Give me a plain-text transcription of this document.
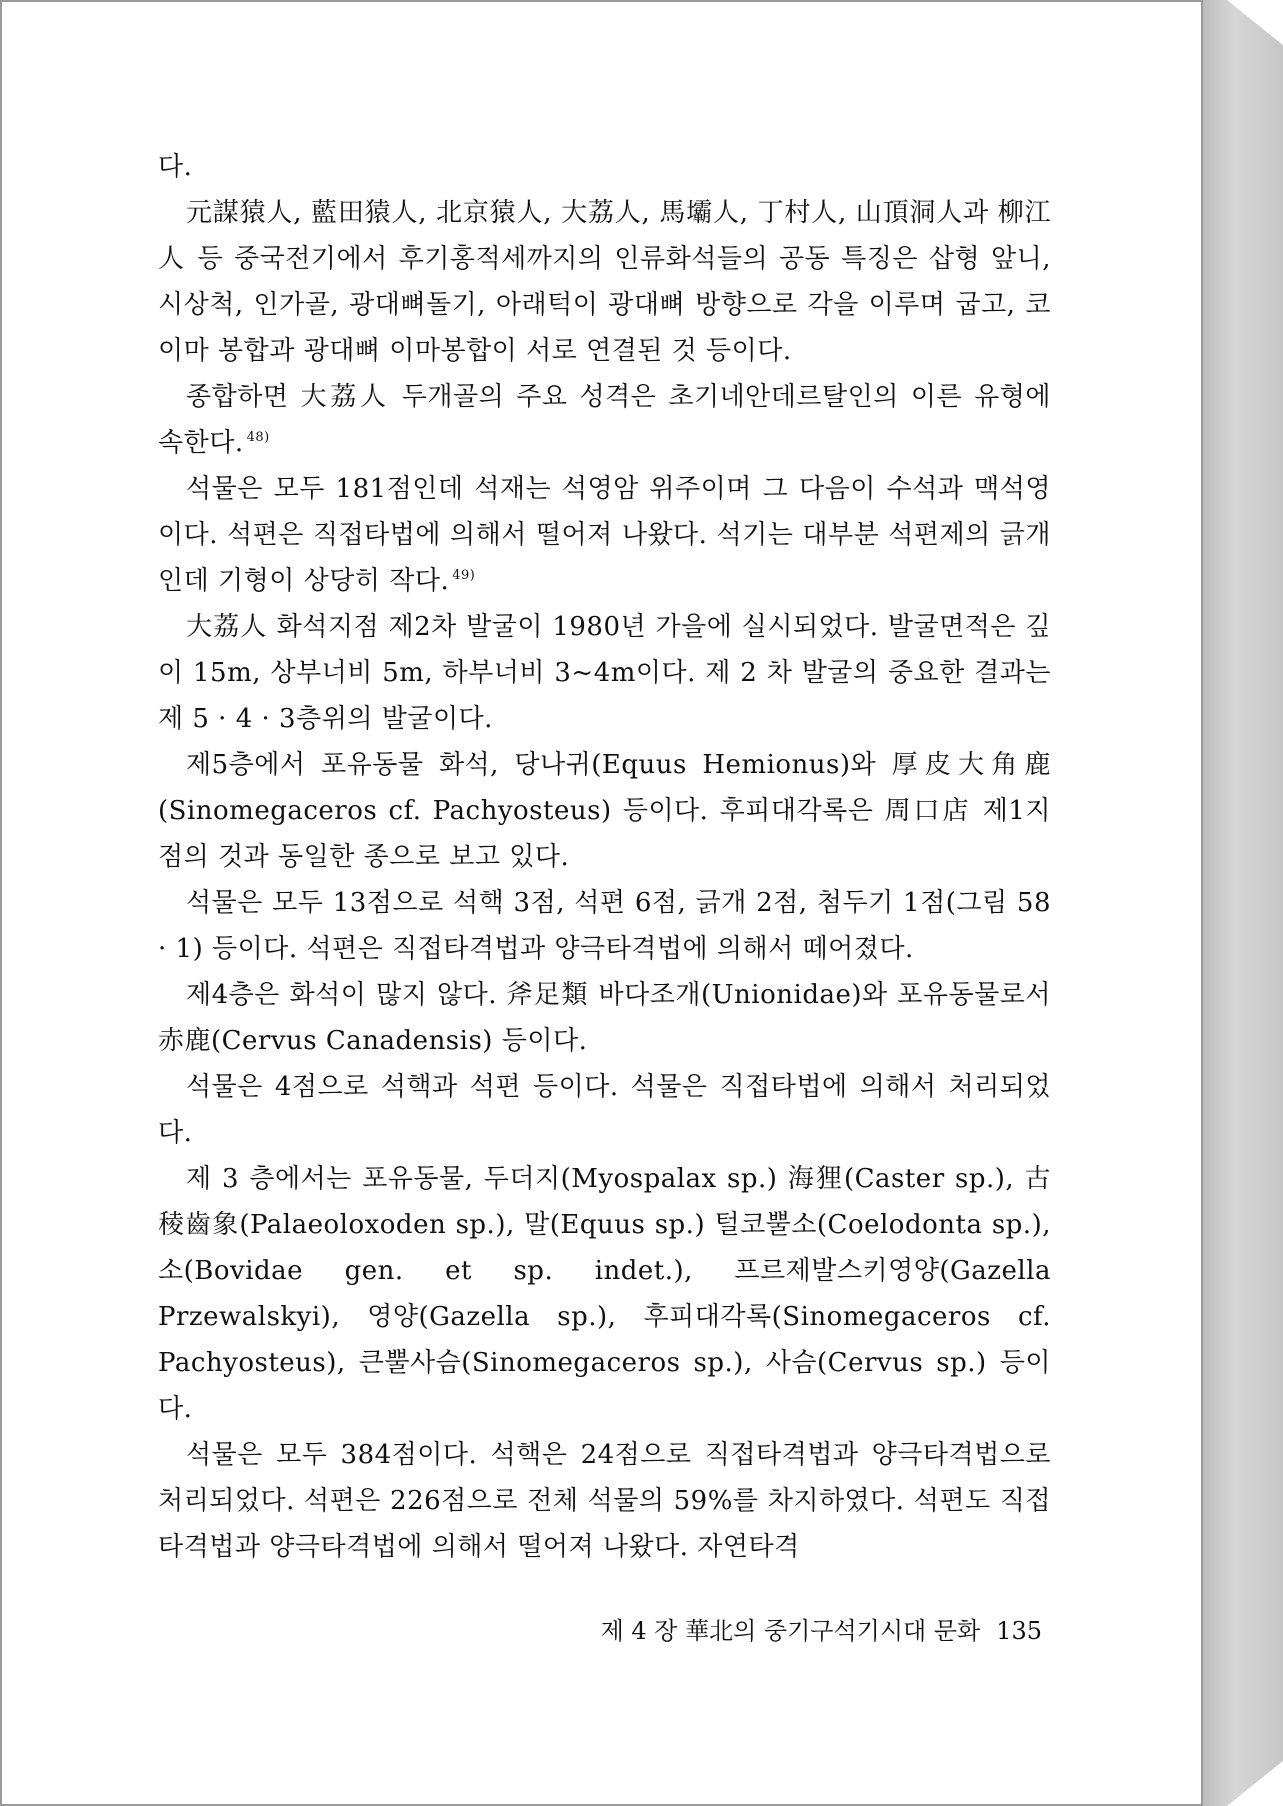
다.

元謀猿人, 藍田猿人, 北京猿人, 大荔人, 馬壩人, 丁村人, 山頂洞人과 柳江人 등 중국전기에서 후기홍적세까지의 인류화석들의 공동 특징은 삽형 앞니, 시상척, 인가골, 광대뼈돌기, 아래턱이 광대뼈 방향으로 각을 이루며 굽고, 코이마 봉합과 광대뼈 이마봉합이 서로 연결된 것 등이다.

종합하면 大荔人 두개골의 주요 성격은 초기네안데르탈인의 이른 유형에 속한다. $^{48)}$

석물은 모두 181점인데 석재는 석영암 위주이며 그 다음이 수석과 맥석영이다. 석편은 직접타법에 의해서 떨어져 나왔다. 석기는 대부분 석편제의 긁개인데 기형이 상당히 작다. $^{49)}$

大荔人 화석지점 제2차 발굴이 1980년 가을에 실시되었다. 발굴면적은 깊이 15m, 상부너비 5m, 하부너비 3~4m이다. 제 2 차 발굴의 중요한 결과는 제 5 · 4 · 3층위의 발굴이다.

제5층에서 포유동물 화석, 당나귀(Equus Hemionus)와 厚皮大角鹿(Sinomegaceros cf. Pachyosteus) 등이다. 후피대각록은 周口店 제1지점의 것과 동일한 종으로 보고 있다.

석물은 모두 13점으로 석핵 3점, 석편 6점, 긁개 2점, 첨두기 1점(그림 58 · 1) 등이다. 석편은 직접타격법과 양극타격법에 의해서 떼어졌다.

제4층은 화석이 많지 않다. 斧足類 바다조개(Unionidae)와 포유동물로서 赤鹿(Cervus Canadensis) 등이다.

석물은 4점으로 석핵과 석편 등이다. 석물은 직접타법에 의해서 처리되었다.

제 3 층에서는 포유동물, 두더지(Myospalax sp.) 海狸(Caster sp.), 古稜齒象(Palaeoloxoden sp.), 말(Equus sp.) 털코뿔소(Coelodonta sp.), 소(Bovidae gen. et sp. indet.), 프르제발스키영양(Gazella Przewalskyi), 영양(Gazella sp.), 후피대각록(Sinomegaceros cf. Pachyosteus), 큰뿔사슴(Sinomegaceros sp.), 사슴(Cervus sp.) 등이다.

석물은 모두 384점이다. 석핵은 24점으로 직접타격법과 양극타격법으로 처리되었다. 석편은 226점으로 전체 석물의 59%를 차지하였다. 석편도 직접타격법과 양극타격법에 의해서 떨어져 나왔다. 자연타격

제 4 장 華北의 중기구석기시대 문화 135
